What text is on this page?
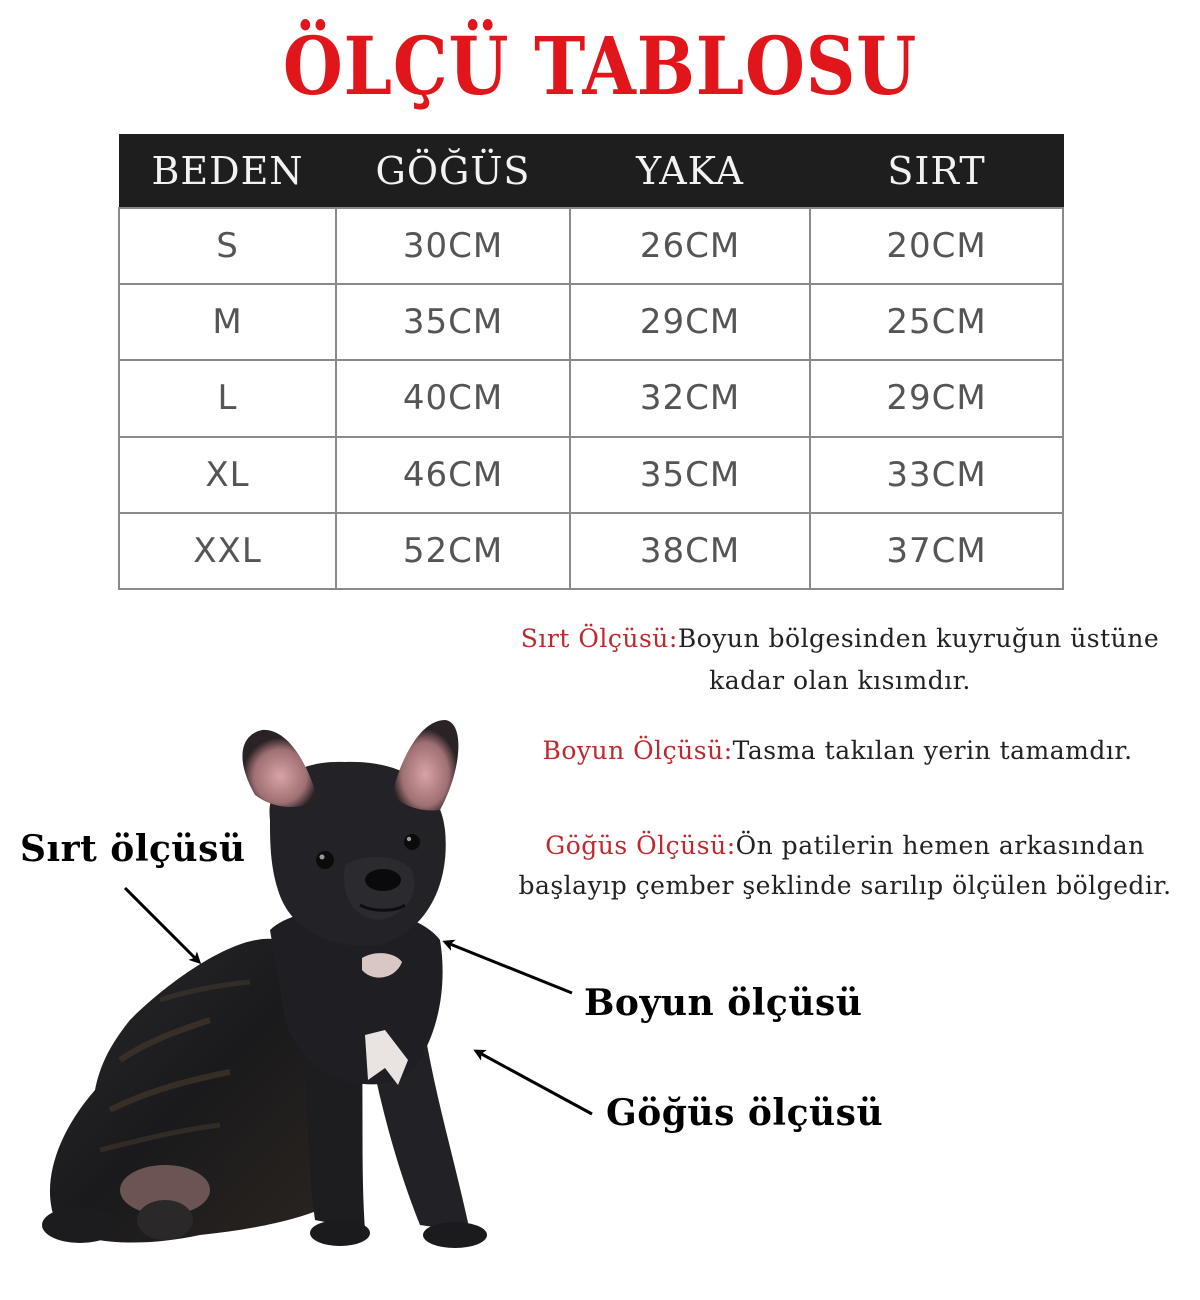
ÖLÇÜ TABLOSU
BEDEN	GÖĞÜS	YAKA	SIRT
S	30CM	26CM	20CM
M	35CM	29CM	25CM
L	40CM	32CM	29CM
XL	46CM	35CM	33CM
XXL	52CM	38CM	37CM
Sırt Ölçüsü:Boyun bölgesinden kuyruğun üstüne kadar olan kısımdır.
Boyun Ölçüsü:Tasma takılan yerin tamamdır.
Göğüs Ölçüsü:Ön patilerin hemen arkasından başlayıp çember şeklinde sarılıp ölçülen bölgedir.
Sırt ölçüsü
Boyun ölçüsü
Göğüs ölçüsü
